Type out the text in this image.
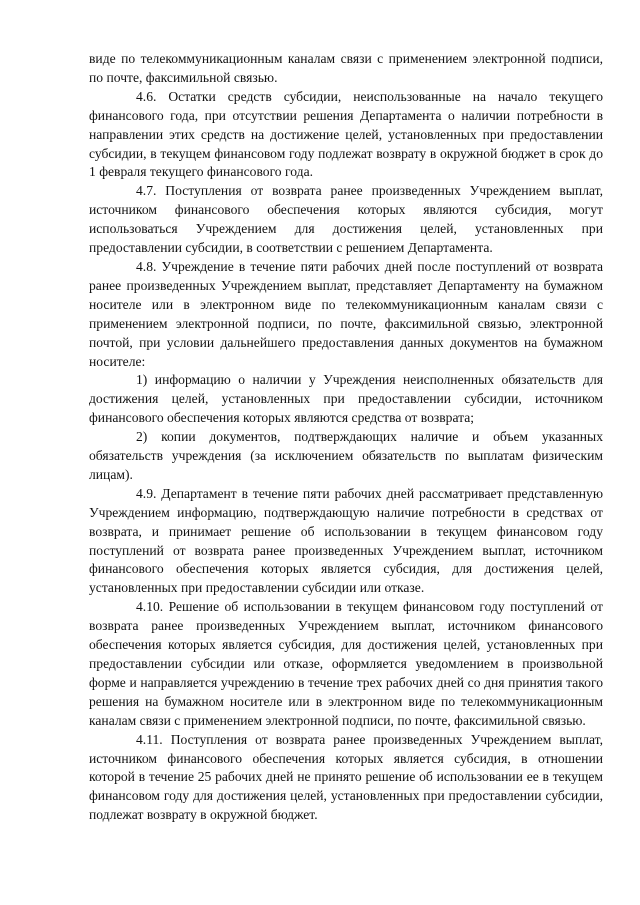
виде по телекоммуникационным каналам связи с применением электронной подписи, по почте, факсимильной связью.

4.6. Остатки средств субсидии, неиспользованные на начало текущего финансового года, при отсутствии решения Департамента о наличии потребности в направлении этих средств на достижение целей, установленных при предоставлении субсидии, в текущем финансовом году подлежат возврату в окружной бюджет в срок до 1 февраля текущего финансового года.

4.7. Поступления от возврата ранее произведенных Учреждением выплат, источником финансового обеспечения которых являются субсидия, могут использоваться Учреждением для достижения целей, установленных при предоставлении субсидии, в соответствии с решением Департамента.

4.8. Учреждение в течение пяти рабочих дней после поступлений от возврата ранее произведенных Учреждением выплат, представляет Департаменту на бумажном носителе или в электронном виде по телекоммуникационным каналам связи с применением электронной подписи, по почте, факсимильной связью, электронной почтой, при условии дальнейшего предоставления данных документов на бумажном носителе:

1) информацию о наличии у Учреждения неисполненных обязательств для достижения целей, установленных при предоставлении субсидии, источником финансового обеспечения которых являются средства от возврата;

2) копии документов, подтверждающих наличие и объем указанных обязательств учреждения (за исключением обязательств по выплатам физическим лицам).

4.9. Департамент в течение пяти рабочих дней рассматривает представленную Учреждением информацию, подтверждающую наличие потребности в средствах от возврата, и принимает решение об использовании в текущем финансовом году поступлений от возврата ранее произведенных Учреждением выплат, источником финансового обеспечения которых является субсидия, для достижения целей, установленных при предоставлении субсидии или отказе.

4.10. Решение об использовании в текущем финансовом году поступлений от возврата ранее произведенных Учреждением выплат, источником финансового обеспечения которых является субсидия, для достижения целей, установленных при предоставлении субсидии или отказе, оформляется уведомлением в произвольной форме и направляется учреждению в течение трех рабочих дней со дня принятия такого решения на бумажном носителе или в электронном виде по телекоммуникационным каналам связи с применением электронной подписи, по почте, факсимильной связью.

4.11. Поступления от возврата ранее произведенных Учреждением выплат, источником финансового обеспечения которых является субсидия, в отношении которой в течение 25 рабочих дней не принято решение об использовании ее в текущем финансовом году для достижения целей, установленных при предоставлении субсидии, подлежат возврату в окружной бюджет.
